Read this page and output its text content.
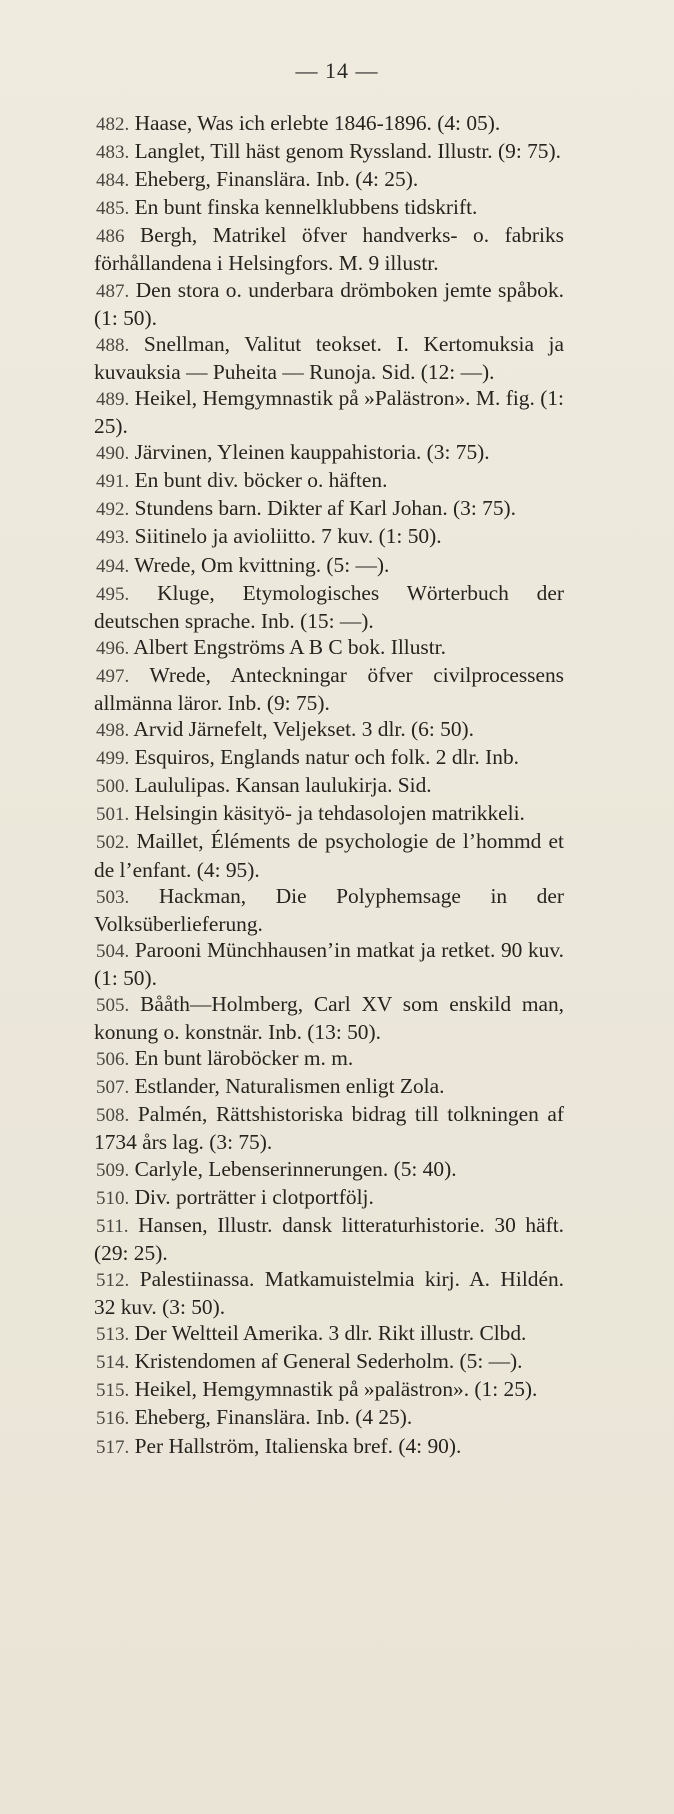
— 14 —

482. Haase, Was ich erlebte 1846-1896. (4: 05).

483. Langlet, Till häst genom Ryssland. Illustr. (9: 75).

484. Eheberg, Finanslära. Inb. (4: 25).

485. En bunt finska kennelklubbens tidskrift.

486 Bergh, Matrikel öfver handverks- o. fabriks förhållandena i Helsingfors. M. 9 illustr.

487. Den stora o. underbara drömboken jemte spåbok. (1: 50).

488. Snellman, Valitut teokset. I. Kertomuksia ja kuvauksia — Puheita — Runoja. Sid. (12: —).

489. Heikel, Hemgymnastik på »Palästron». M. fig. (1: 25).

490. Järvinen, Yleinen kauppahistoria. (3: 75).

491. En bunt div. böcker o. häften.

492. Stundens barn. Dikter af Karl Johan. (3: 75).

493. Siitinelo ja avioliitto. 7 kuv. (1: 50).

494. Wrede, Om kvittning. (5: —).

495. Kluge, Etymologisches Wörterbuch der deutschen sprache. Inb. (15: —).

496. Albert Engströms A B C bok. Illustr.

497. Wrede, Anteckningar öfver civilprocessens allmänna läror. Inb. (9: 75).

498. Arvid Järnefelt, Veljekset. 3 dlr. (6: 50).

499. Esquiros, Englands natur och folk. 2 dlr. Inb.

500. Laululipas. Kansan laulukirja. Sid.

501. Helsingin käsityö- ja tehdasolojen matrikkeli.

502. Maillet, Éléments de psychologie de l’hommd et de l’enfant. (4: 95).

503. Hackman, Die Polyphemsage in der Volksüberlieferung.

504. Parooni Münchhausen’in matkat ja retket. 90 kuv. (1: 50).

505. Bååth—Holmberg, Carl XV som enskild man, konung o. konstnär. Inb. (13: 50).

506. En bunt läroböcker m. m.

507. Estlander, Naturalismen enligt Zola.

508. Palmén, Rättshistoriska bidrag till tolkningen af 1734 års lag. (3: 75).

509. Carlyle, Lebenserinnerungen. (5: 40).

510. Div. porträtter i clotportfölj.

511. Hansen, Illustr. dansk litteraturhistorie. 30 häft. (29: 25).

512. Palestiinassa. Matkamuistelmia kirj. A. Hildén. 32 kuv. (3: 50).

513. Der Weltteil Amerika. 3 dlr. Rikt illustr. Clbd.

514. Kristendomen af General Sederholm. (5: —).

515. Heikel, Hemgymnastik på »palästron». (1: 25).

516. Eheberg, Finanslära. Inb. (4 25).

517. Per Hallström, Italienska bref. (4: 90).
